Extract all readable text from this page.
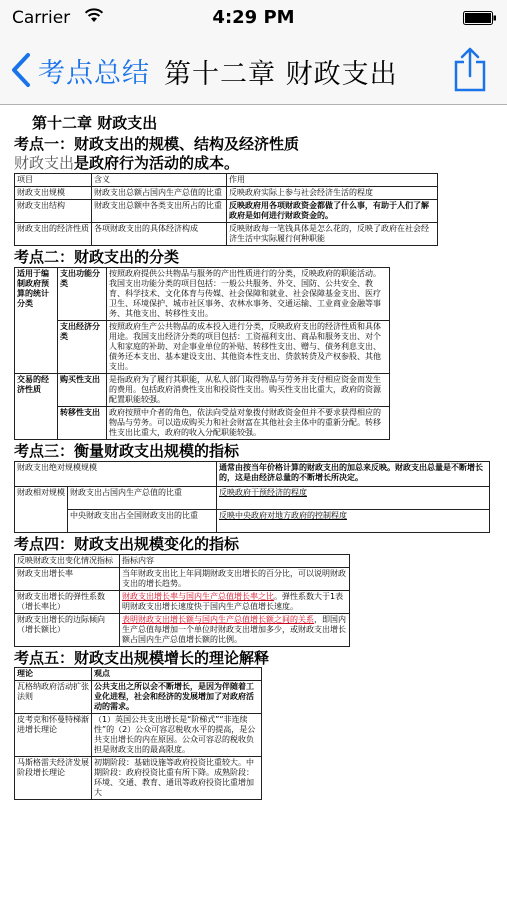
Carrier	4:29 PM
考点总结 第十二章 财政支出
第十二章 财政支出
考点一：财政支出的规模、结构及经济性质
财政支出是政府行为活动的成本。
项目	含义	作用
财政支出规模	财政支出总额占国内生产总值的比重	反映政府实际上参与社会经济生活的程度
财政支出结构	财政支出总额中各类支出所占的比重	反映政府用各项财政资金都做了什么事，有助于人们了解政府是如何进行财政资金的。
财政支出的经济性质	各项财政支出的具体经济构成	反映财政每一笔钱具体是怎么花的，反映了政府在社会经济生活中实际履行何种职能
考点二：财政支出的分类
适用于编制政府预算的统计分类	支出功能分类	按照政府提供公共物品与服务的产出性质进行的分类，反映政府的职能活动。我国支出功能分类的项目包括：一般公共服务、外交、国防、公共安全、教育、科学技术、文化体育与传媒、社会保障和就业、社会保障基金支出、医疗卫生、环境保护、城市社区事务、农林水事务、交通运输、工业商业金融等事务、其他支出、转移性支出。
	支出经济分类	按照政府生产公共物品的成本投入进行分类，反映政府支出的经济性质和具体用途。我国支出经济分类的项目包括：工资福利支出、商品和服务支出、对个人和家庭的补助、对企事业单位的补贴、转移性支出、赠与、债务利息支出、债务还本支出、基本建设支出、其他资本性支出、贷款转贷及产权参股、其他支出。
交易的经济性质	购买性支出	是指政府为了履行其职能，从私人部门取得物品与劳务并支付相应资金而发生的费用。包括政府消费性支出和投资性支出。购买性支出比重大，政府的资源配置职能较强。
	转移性支出	政府按照中介者的角色，依法向受益对象拨付财政资金但并不要求获得相应的物品与劳务。可以造成购买力和社会财富在其他社会主体中的重新分配。转移性支出比重大，政府的收入分配职能较强。
考点三：衡量财政支出规模的指标
财政支出绝对规模规模		通常由按当年价格计算的财政支出的加总来反映。财政支出总量是不断增长的，这是由经济总量的不断增长所决定。
财政相对规模	财政支出占国内生产总值的比重	反映政府干预经济的程度
	中央财政支出占全国财政支出的比重	反映中央政府对地方政府的控制程度
考点四：财政支出规模变化的指标
反映财政支出变化情况指标	指标内容
财政支出增长率	当年财政支出比上年同期财政支出增长的百分比，可以说明财政支出的增长趋势。
财政支出增长的弹性系数（增长率比）	财政支出增长率与国内生产总值增长率之比。弹性系数大于1表明财政支出增长速度快于国内生产总值增长速度。
财政支出增长的边际倾向（增长额比）	表明财政支出增长额与国内生产总值增长额之间的关系，即国内生产总值每增加一个单位时财政支出增加多少，或财政支出增长额占国内生产总值增长额的比例。
考点五：财政支出规模增长的理论解释
理论	观点
瓦格纳政府活动扩张法则	公共支出之所以会不断增长，是因为伴随着工业化进程，社会和经济的发展增加了对政府活动的需求。
皮考克和怀曼特梯渐进增长理论	（1）英国公共支出增长是“阶梯式”“非连续性”的（2）公众可容忍税收水平的提高，是公共支出增长的内在原因。公众可容忍的税收负担是财政支出的最高限度。
马斯格雷夫经济发展阶段增长理论	初期阶段：基础设施等政府投资比重较大。中期阶段：政府投资比重有所下降。成熟阶段：环境、交通、教育、通讯等政府投资比重增加大
